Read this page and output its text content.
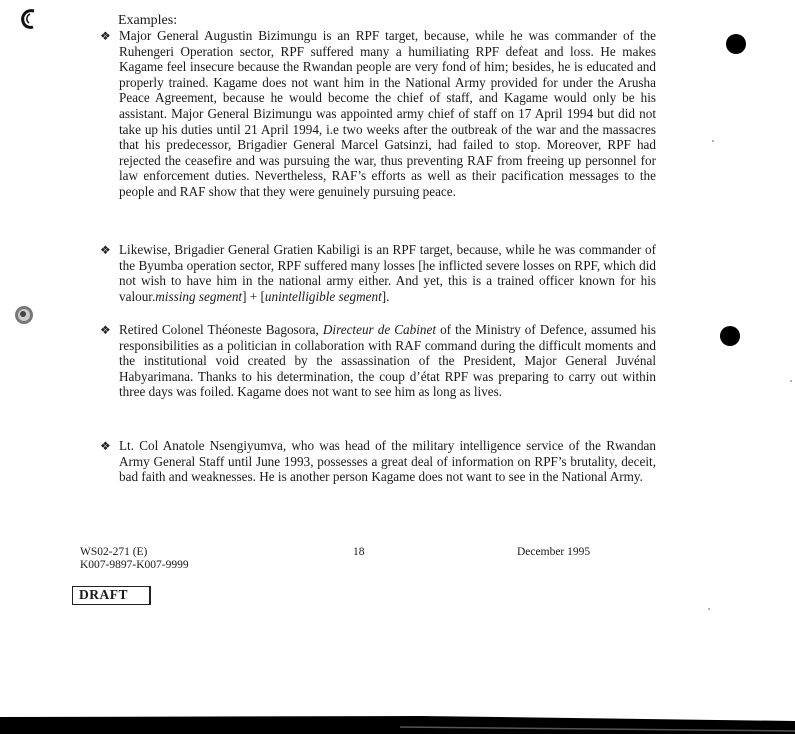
Examples:
❖ Major General Augustin Bizimungu is an RPF target, because, while he was commander of the Ruhengeri Operation sector, RPF suffered many a humiliating RPF defeat and loss. He makes Kagame feel insecure because the Rwandan people are very fond of him; besides, he is educated and properly trained. Kagame does not want him in the National Army provided for under the Arusha Peace Agreement, because he would become the chief of staff, and Kagame would only be his assistant. Major General Bizimungu was appointed army chief of staff on 17 April 1994 but did not take up his duties until 21 April 1994, i.e two weeks after the outbreak of the war and the massacres that his predecessor, Brigadier General Marcel Gatsinzi, had failed to stop. Moreover, RPF had rejected the ceasefire and was pursuing the war, thus preventing RAF from freeing up personnel for law enforcement duties. Nevertheless, RAF’s efforts as well as their pacification messages to the people and RAF show that they were genuinely pursuing peace.
❖ Likewise, Brigadier General Gratien Kabiligi is an RPF target, because, while he was commander of the Byumba operation sector, RPF suffered many losses [he inflicted severe losses on RPF, which did not wish to have him in the national army either. And yet, this is a trained officer known for his valour.missing segment] + [unintelligible segment].
❖ Retired Colonel Théoneste Bagosora, Directeur de Cabinet of the Ministry of Defence, assumed his responsibilities as a politician in collaboration with RAF command during the difficult moments and the institutional void created by the assassination of the President, Major General Juvénal Habyarimana. Thanks to his determination, the coup d’état RPF was preparing to carry out within three days was foiled. Kagame does not want to see him as long as lives.
❖ Lt. Col Anatole Nsengiyumva, who was head of the military intelligence service of the Rwandan Army General Staff until June 1993, possesses a great deal of information on RPF’s brutality, deceit, bad faith and weaknesses. He is another person Kagame does not want to see in the National Army.
WS02-271 (E)
K007-9897-K007-9999
18	December 1995
DRAFT
